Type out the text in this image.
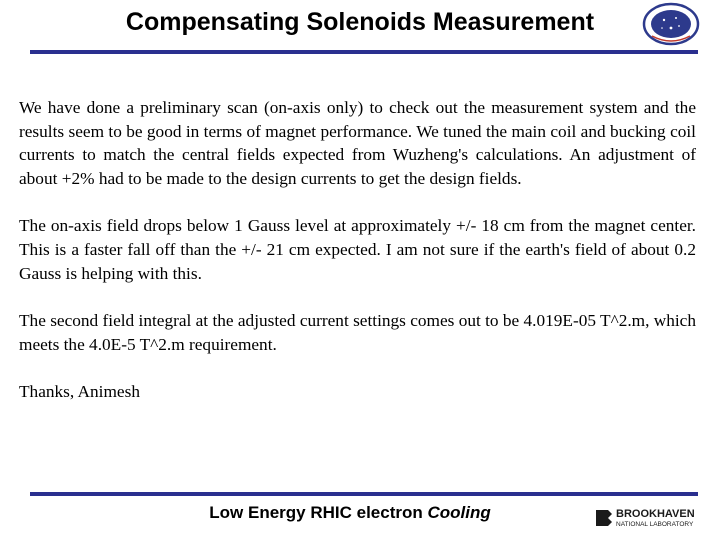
Compensating Solenoids Measurement

We have done a preliminary scan (on-axis only) to check out the measurement system and the results seem to be good in terms of magnet performance. We tuned the main coil and bucking coil currents to match the central fields expected from Wuzheng's calculations. An adjustment of about +2% had to be made to the design currents to get the design fields.

The on-axis field drops below 1 Gauss level at approximately +/- 18 cm from the magnet center. This is a faster fall off than the +/- 21 cm expected. I am not sure if the earth's field of about 0.2 Gauss is helping with this.

The second field integral at the adjusted current settings comes out to be 4.019E-05 T^2.m, which meets the 4.0E-5 T^2.m requirement.

Thanks, Animesh

Low Energy RHIC electron Cooling	BROOKHAVEN
NATIONAL LABORATORY
